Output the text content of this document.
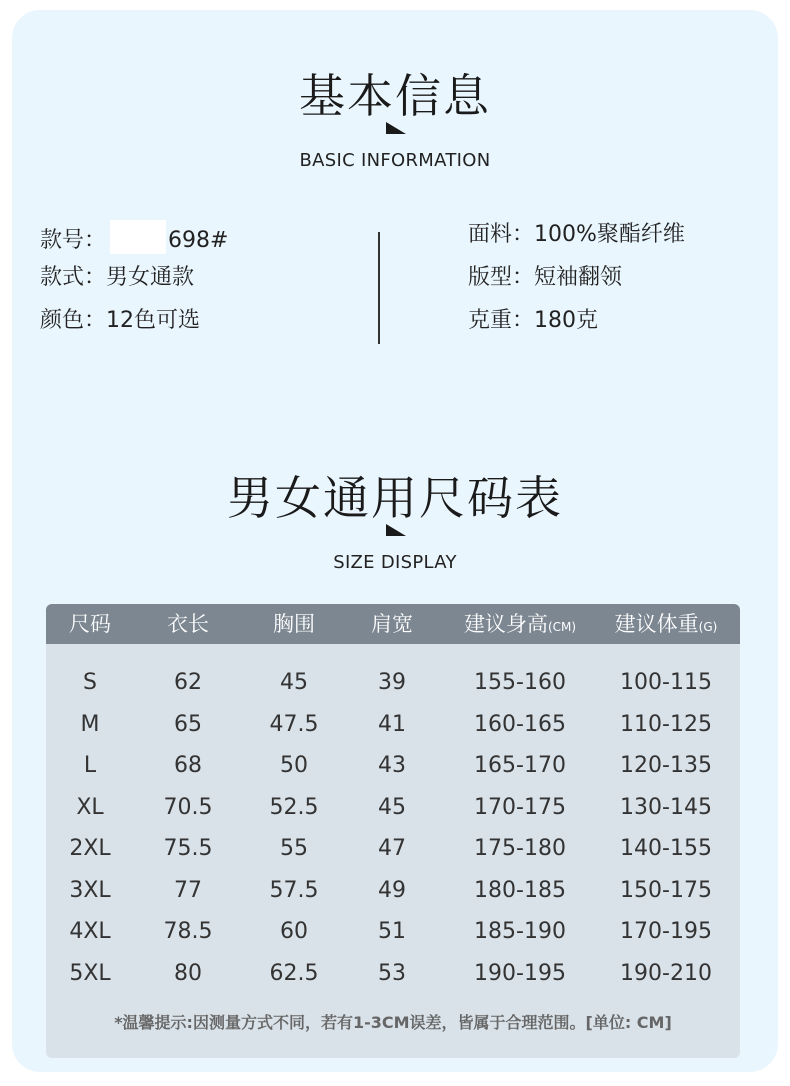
基本信息
BASIC INFORMATION
款号：	698#
款式：男女通款
颜色：12色可选
面料：100%聚酯纤维
版型：短袖翻领
克重：180克
男女通用尺码表
SIZE DISPLAY
尺码	衣长	胸围	肩宽	建议身高(CM)	建议体重(G)
S	62	45	39	155-160	100-115
M	65	47.5	41	160-165	110-125
L	68	50	43	165-170	120-135
XL	70.5	52.5	45	170-175	130-145
2XL	75.5	55	47	175-180	140-155
3XL	77	57.5	49	180-185	150-175
4XL	78.5	60	51	185-190	170-195
5XL	80	62.5	53	190-195	190-210
*温馨提示:因测量方式不同，若有1-3CM误差，皆属于合理范围。[单位: CM]
